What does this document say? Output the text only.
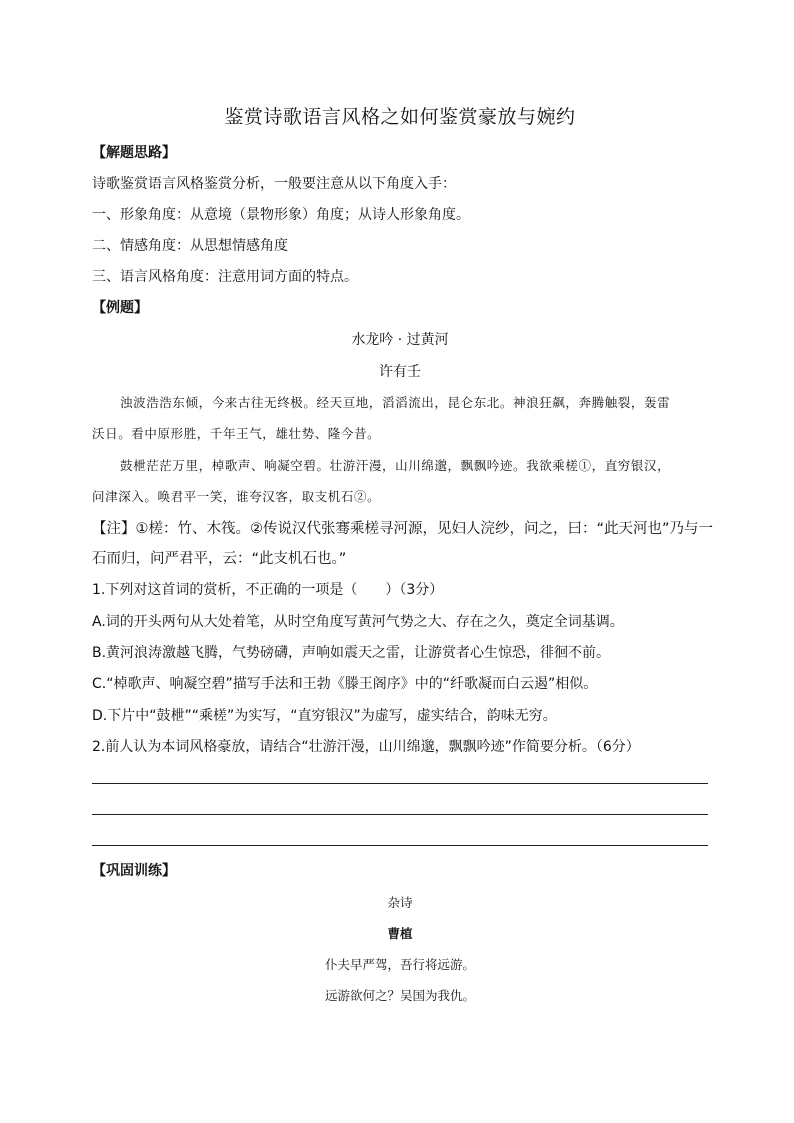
鉴赏诗歌语言风格之如何鉴赏豪放与婉约
【解题思路】
诗歌鉴赏语言风格鉴赏分析，一般要注意从以下角度入手：
一、形象角度：从意境（景物形象）角度；从诗人形象角度。
二、情感角度：从思想情感角度
三、语言风格角度：注意用词方面的特点。
【例题】
水龙吟 · 过黄河
许有壬
浊波浩浩东倾，今来古往无终极。经天亘地，滔滔流出，昆仑东北。神浪狂飙，奔腾触裂，轰雷
沃日。看中原形胜，千年王气，雄壮势、隆今昔。
鼓枻茫茫万里，棹歌声、响凝空碧。壮游汗漫，山川绵邈，飘飘吟迹。我欲乘槎①，直穷银汉，
问津深入。唤君平一笑，谁夸汉客，取支机石②。
【注】①槎：竹、木筏。②传说汉代张骞乘槎寻河源，见妇人浣纱，问之，曰：“此天河也”乃与一
石而归，问严君平，云：“此支机石也。”
1.下列对这首词的赏析，不正确的一项是（　　）（3分）
A.词的开头两句从大处着笔，从时空角度写黄河气势之大、存在之久，奠定全词基调。
B.黄河浪涛激越飞腾，气势磅礴，声响如震天之雷，让游赏者心生惊恐，徘徊不前。
C.“棹歌声、响凝空碧”描写手法和王勃《滕王阁序》中的“纤歌凝而白云遏”相似。
D.下片中“鼓枻”“乘槎”为实写，“直穷银汉”为虚写，虚实结合，韵味无穷。
2.前人认为本词风格豪放，请结合“壮游汗漫，山川绵邈，飘飘吟迹”作简要分析。（6分）
【巩固训练】
杂诗
曹植
仆夫早严驾，吾行将远游。
远游欲何之？吴国为我仇。
